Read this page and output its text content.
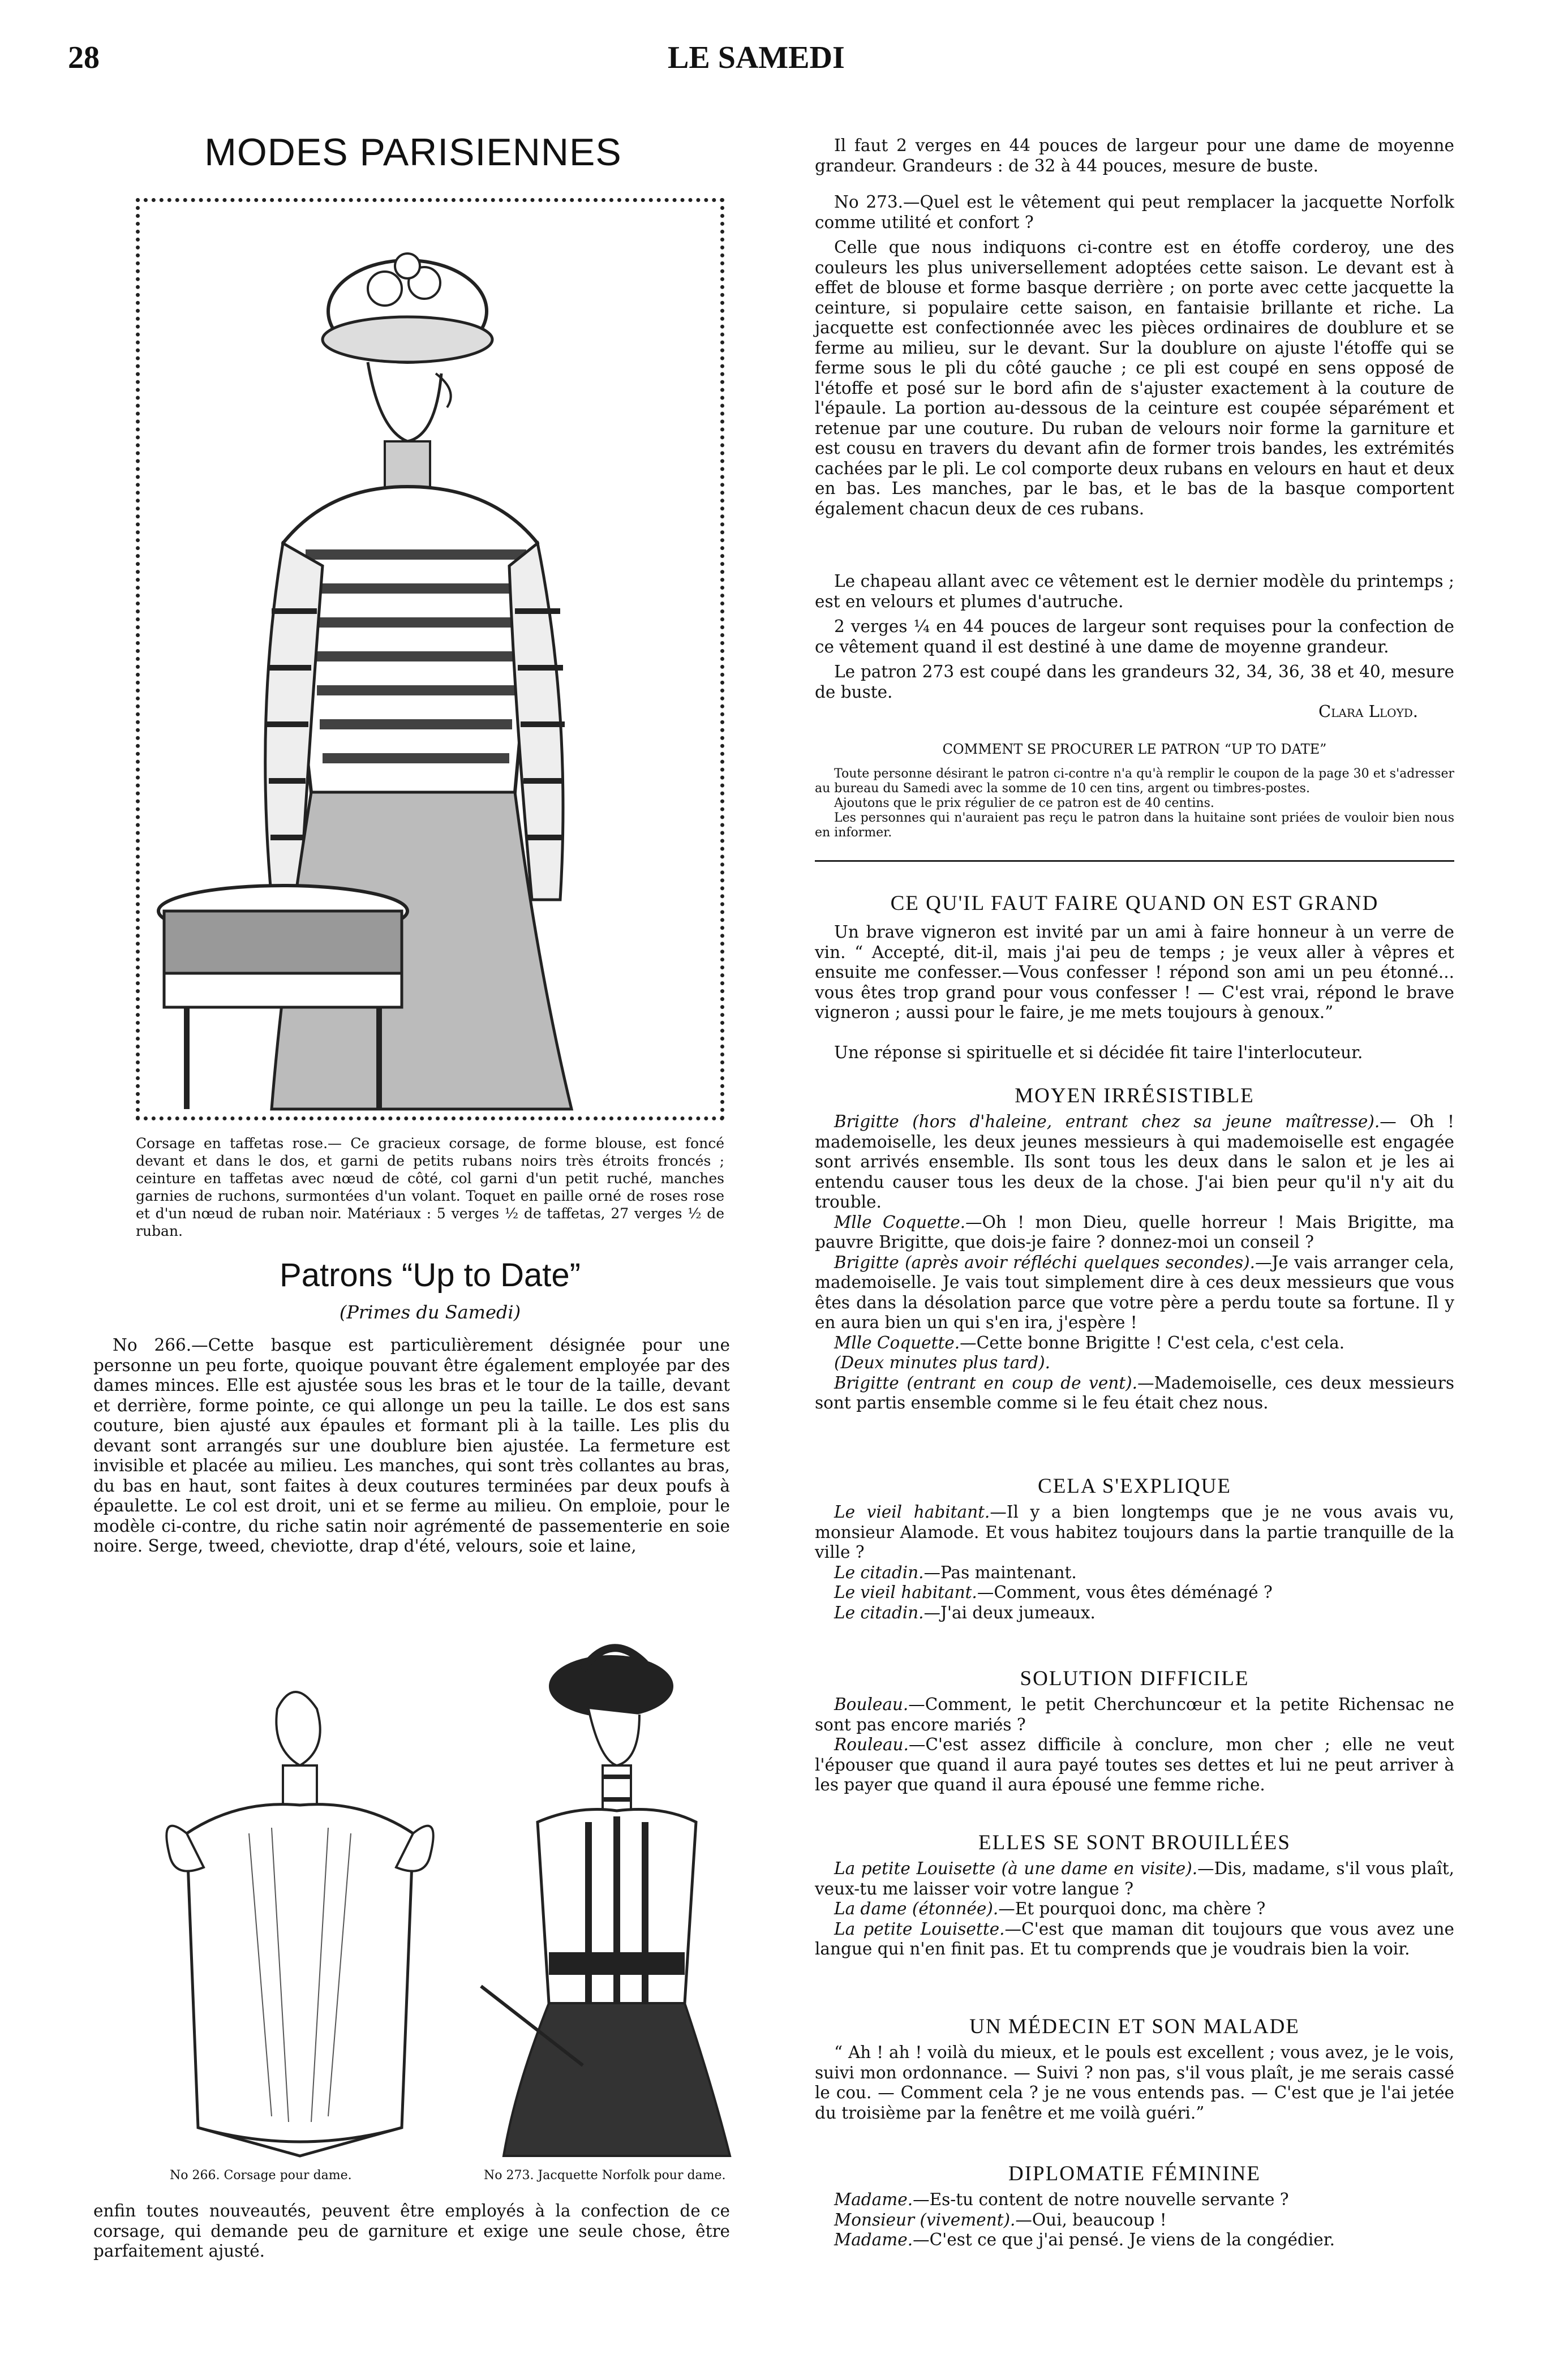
28	LE SAMEDI
MODES PARISIENNES
Corsage en taffetas rose.— Ce gracieux corsage, de forme blouse, est foncé devant et dans le dos, et garni de petits rubans noirs très étroits froncés ; ceinture en taffetas avec nœud de côté, col garni d'un petit ruché, manches garnies de ruchons, surmontées d'un volant. Toquet en paille orné de roses rose et d'un nœud de ruban noir. Matériaux : 5 verges ½ de taffetas, 27 verges ½ de ruban.
Patrons “Up to Date”
(Primes du Samedi)

No 266.—Cette basque est particulièrement désignée pour une personne un peu forte, quoique pouvant être également employée par des dames minces. Elle est ajustée sous les bras et le tour de la taille, devant et derrière, forme pointe, ce qui allonge un peu la taille. Le dos est sans couture, bien ajusté aux épaules et formant pli à la taille. Les plis du devant sont arrangés sur une doublure bien ajustée. La fermeture est invisible et placée au milieu. Les manches, qui sont très collantes au bras, du bas en haut, sont faites à deux coutures terminées par deux poufs à épaulette. Le col est droit, uni et se ferme au milieu. On emploie, pour le modèle ci-contre, du riche satin noir agrémenté de passementerie en soie noire. Serge, tweed, cheviotte, drap d'été, velours, soie et laine,

No 266. Corsage pour dame.	No 273. Jacquette Norfolk pour dame.

enfin toutes nouveautés, peuvent être employés à la confection de ce corsage, qui demande peu de garniture et exige une seule chose, être parfaitement ajusté.

Il faut 2 verges en 44 pouces de largeur pour une dame de moyenne grandeur. Grandeurs : de 32 à 44 pouces, mesure de buste.

No 273.—Quel est le vêtement qui peut remplacer la jacquette Norfolk comme utilité et confort ?

Celle que nous indiquons ci-contre est en étoffe corderoy, une des couleurs les plus universellement adoptées cette saison. Le devant est à effet de blouse et forme basque derrière ; on porte avec cette jacquette la ceinture, si populaire cette saison, en fantaisie brillante et riche. La jacquette est confectionnée avec les pièces ordinaires de doublure et se ferme au milieu, sur le devant. Sur la doublure on ajuste l'étoffe qui se ferme sous le pli du côté gauche ; ce pli est coupé en sens opposé de l'étoffe et posé sur le bord afin de s'ajuster exactement à la couture de l'épaule. La portion au-dessous de la ceinture est coupée séparément et retenue par une couture. Du ruban de velours noir forme la garniture et est cousu en travers du devant afin de former trois bandes, les extrémités cachées par le pli. Le col comporte deux rubans en velours en haut et deux en bas. Les manches, par le bas, et le bas de la basque comportent également chacun deux de ces rubans.

Le chapeau allant avec ce vêtement est le dernier modèle du printemps ; est en velours et plumes d'autruche.

2 verges ¼ en 44 pouces de largeur sont requises pour la confection de ce vêtement quand il est destiné à une dame de moyenne grandeur.

Le patron 273 est coupé dans les grandeurs 32, 34, 36, 38 et 40, mesure de buste.

Clara Lloyd.
COMMENT SE PROCURER LE PATRON “UP TO DATE”
Toute personne désirant le patron ci-contre n'a qu'à remplir le coupon de la page 30 et s'adresser au bureau du Samedi avec la somme de 10 cen tins, argent ou timbres-postes.
Ajoutons que le prix régulier de ce patron est de 40 centins.
Les personnes qui n'auraient pas reçu le patron dans la huitaine sont priées de vouloir bien nous en informer.
CE QU'IL FAUT FAIRE QUAND ON EST GRAND

Un brave vigneron est invité par un ami à faire honneur à un verre de vin. “ Accepté, dit-il, mais j'ai peu de temps ; je veux aller à vêpres et ensuite me confesser.—Vous confesser ! répond son ami un peu étonné... vous êtes trop grand pour vous confesser ! — C'est vrai, répond le brave vigneron ; aussi pour le faire, je me mets toujours à genoux.”

Une réponse si spirituelle et si décidée fit taire l'interlocuteur.

MOYEN IRRÉSISTIBLE

Brigitte (hors d'haleine, entrant chez sa jeune maîtresse).— Oh ! mademoiselle, les deux jeunes messieurs à qui mademoiselle est engagée sont arrivés ensemble. Ils sont tous les deux dans le salon et je les ai entendu causer tous les deux de la chose. J'ai bien peur qu'il n'y ait du trouble.

Mlle Coquette.—Oh ! mon Dieu, quelle horreur ! Mais Brigitte, ma pauvre Brigitte, que dois-je faire ? donnez-moi un conseil ?

Brigitte (après avoir réfléchi quelques secondes).—Je vais arranger cela, mademoiselle. Je vais tout simplement dire à ces deux messieurs que vous êtes dans la désolation parce que votre père a perdu toute sa fortune. Il y en aura bien un qui s'en ira, j'espère !

Mlle Coquette.—Cette bonne Brigitte ! C'est cela, c'est cela.

(Deux minutes plus tard).

Brigitte (entrant en coup de vent).—Mademoiselle, ces deux messieurs sont partis ensemble comme si le feu était chez nous.

CELA S'EXPLIQUE

Le vieil habitant.—Il y a bien longtemps que je ne vous avais vu, monsieur Alamode. Et vous habitez toujours dans la partie tranquille de la ville ?

Le citadin.—Pas maintenant.

Le vieil habitant.—Comment, vous êtes déménagé ?

Le citadin.—J'ai deux jumeaux.

SOLUTION DIFFICILE

Bouleau.—Comment, le petit Cherchuncœur et la petite Richensac ne sont pas encore mariés ?

Rouleau.—C'est assez difficile à conclure, mon cher ; elle ne veut l'épouser que quand il aura payé toutes ses dettes et lui ne peut arriver à les payer que quand il aura épousé une femme riche.

ELLES SE SONT BROUILLÉES

La petite Louisette (à une dame en visite).—Dis, madame, s'il vous plaît, veux-tu me laisser voir votre langue ?

La dame (étonnée).—Et pourquoi donc, ma chère ?

La petite Louisette.—C'est que maman dit toujours que vous avez une langue qui n'en finit pas. Et tu comprends que je voudrais bien la voir.

UN MÉDECIN ET SON MALADE

“ Ah ! ah ! voilà du mieux, et le pouls est excellent ; vous avez, je le vois, suivi mon ordonnance. — Suivi ? non pas, s'il vous plaît, je me serais cassé le cou. — Comment cela ? je ne vous entends pas. — C'est que je l'ai jetée du troisième par la fenêtre et me voilà guéri.”

DIPLOMATIE FÉMININE

Madame.—Es-tu content de notre nouvelle servante ?

Monsieur (vivement).—Oui, beaucoup !

Madame.—C'est ce que j'ai pensé. Je viens de la congédier.
